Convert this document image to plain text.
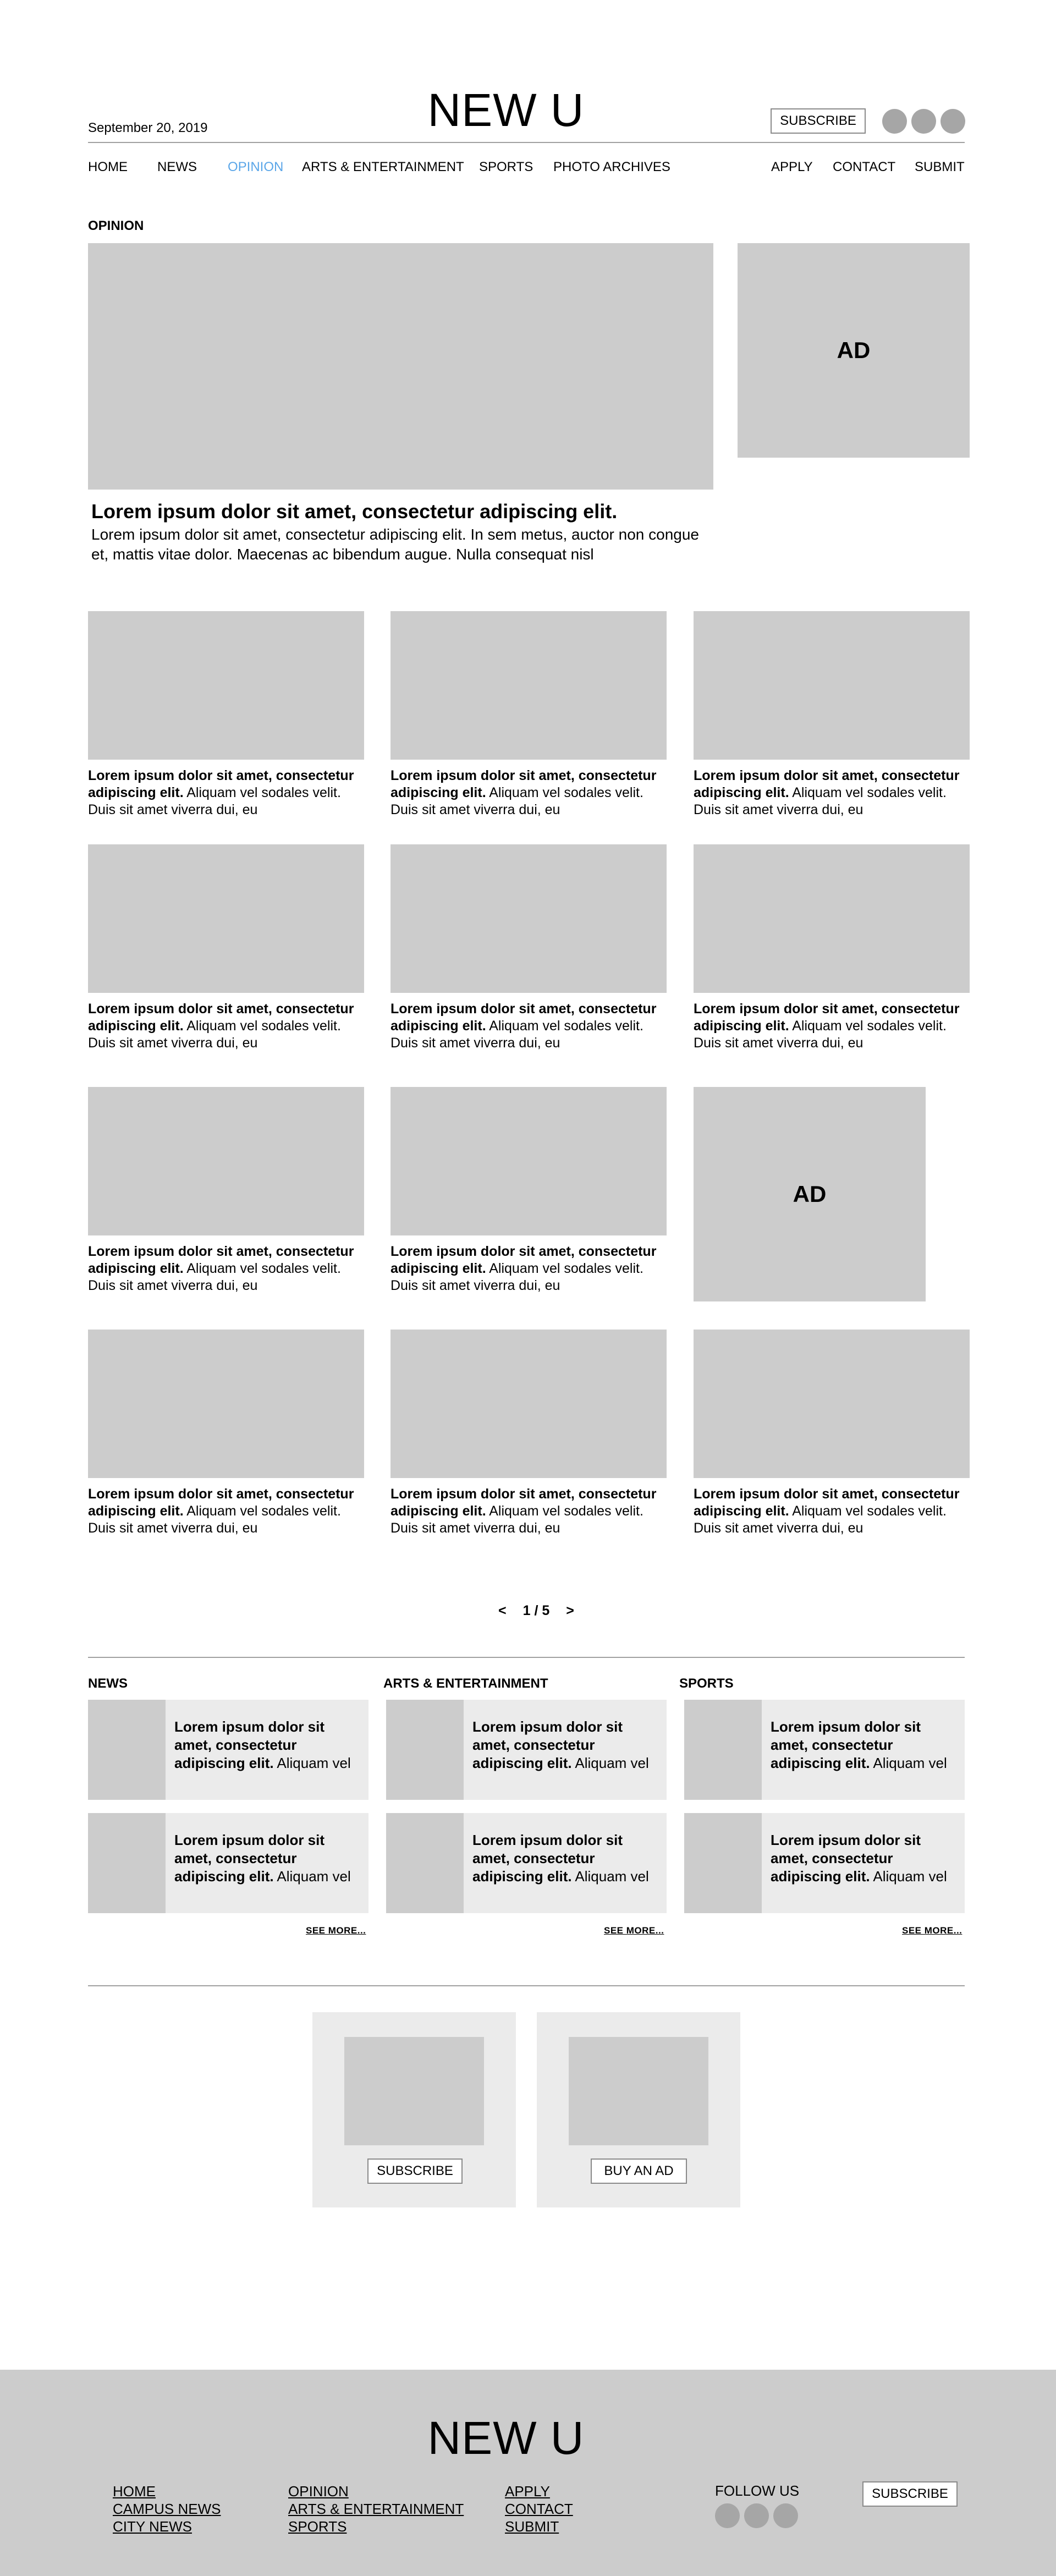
NEW U
September 20, 2019	SUBSCRIBE
HOME NEWS OPINION ARTS & ENTERTAINMENT SPORTS PHOTO ARCHIVES	APPLY CONTACT SUBMIT
OPINION
AD
Lorem ipsum dolor sit amet, consectetur adipiscing elit.
Lorem ipsum dolor sit amet, consectetur adipiscing elit. In sem metus, auctor non congue et, mattis vitae dolor. Maecenas ac bibendum augue. Nulla consequat nisl
Lorem ipsum dolor sit amet, consectetur adipiscing elit. Aliquam vel sodales velit. Duis sit amet viverra dui, eu
Lorem ipsum dolor sit amet, consectetur adipiscing elit. Aliquam vel sodales velit. Duis sit amet viverra dui, eu
Lorem ipsum dolor sit amet, consectetur adipiscing elit. Aliquam vel sodales velit. Duis sit amet viverra dui, eu
Lorem ipsum dolor sit amet, consectetur adipiscing elit. Aliquam vel sodales velit. Duis sit amet viverra dui, eu
Lorem ipsum dolor sit amet, consectetur adipiscing elit. Aliquam vel sodales velit. Duis sit amet viverra dui, eu
Lorem ipsum dolor sit amet, consectetur adipiscing elit. Aliquam vel sodales velit. Duis sit amet viverra dui, eu
Lorem ipsum dolor sit amet, consectetur adipiscing elit. Aliquam vel sodales velit. Duis sit amet viverra dui, eu
Lorem ipsum dolor sit amet, consectetur adipiscing elit. Aliquam vel sodales velit. Duis sit amet viverra dui, eu
AD
Lorem ipsum dolor sit amet, consectetur adipiscing elit. Aliquam vel sodales velit. Duis sit amet viverra dui, eu
Lorem ipsum dolor sit amet, consectetur adipiscing elit. Aliquam vel sodales velit. Duis sit amet viverra dui, eu
Lorem ipsum dolor sit amet, consectetur adipiscing elit. Aliquam vel sodales velit. Duis sit amet viverra dui, eu
< 1 / 5 >
NEWS	ARTS & ENTERTAINMENT	SPORTS
Lorem ipsum dolor sit amet, consectetur adipiscing elit. Aliquam vel
Lorem ipsum dolor sit amet, consectetur adipiscing elit. Aliquam vel
SEE MORE...
Lorem ipsum dolor sit amet, consectetur adipiscing elit. Aliquam vel
Lorem ipsum dolor sit amet, consectetur adipiscing elit. Aliquam vel
SEE MORE...
Lorem ipsum dolor sit amet, consectetur adipiscing elit. Aliquam vel
Lorem ipsum dolor sit amet, consectetur adipiscing elit. Aliquam vel
SEE MORE...
SUBSCRIBE	BUY AN AD
NEW U
HOME
CAMPUS NEWS
CITY NEWS
OPINION
ARTS & ENTERTAINMENT
SPORTS
APPLY
CONTACT
SUBMIT
FOLLOW US	SUBSCRIBE
